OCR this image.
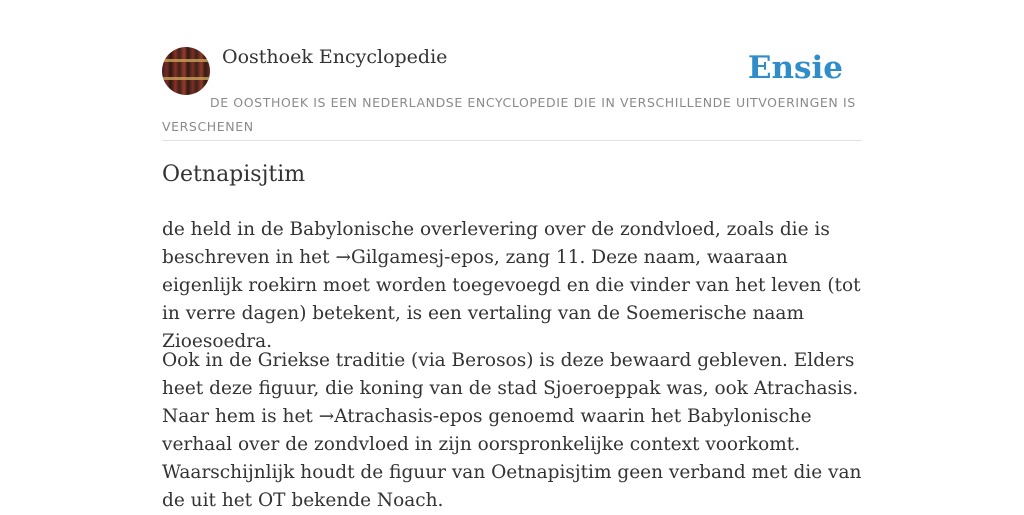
Oosthoek Encyclopedie	Ensie
DE OOSTHOEK IS EEN NEDERLANDSE ENCYCLOPEDIE DIE IN VERSCHILLENDE UITVOERINGEN IS VERSCHENEN
Oetnapisjtim

de held in de Babylonische overlevering over de zondvloed, zoals die is beschreven in het →Gilgamesj-epos, zang 11. Deze naam, waaraan eigenlijk roekirn moet worden toegevoegd en die vinder van het leven (tot in verre dagen) betekent, is een vertaling van de Soemerische naam Zioesoedra.

Ook in de Griekse traditie (via Berosos) is deze bewaard gebleven. Elders heet deze figuur, die koning van de stad Sjoeroeppak was, ook Atrachasis. Naar hem is het →Atrachasis-epos genoemd waarin het Babylonische verhaal over de zondvloed in zijn oorspronkelijke context voorkomt. Waarschijnlijk houdt de figuur van Oetnapisjtim geen verband met die van de uit het OT bekende Noach.
